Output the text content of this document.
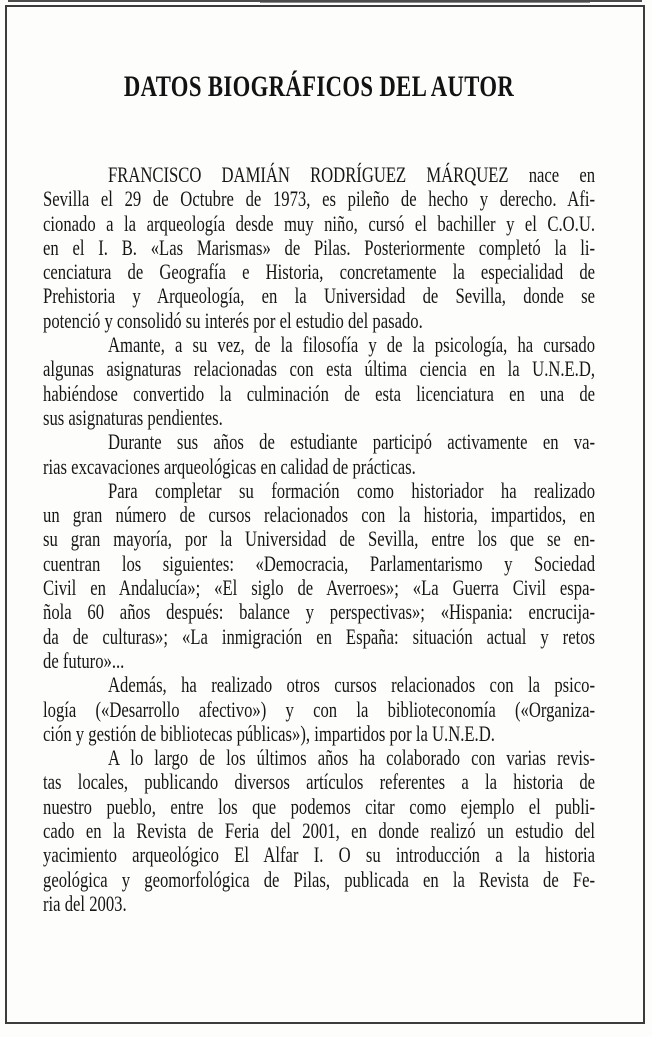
DATOS BIOGRÁFICOS DEL AUTOR
FRANCISCO DAMIÁN RODRÍGUEZ MÁRQUEZ nace en
Sevilla el 29 de Octubre de 1973, es pileño de hecho y derecho. Afi-
cionado a la arqueología desde muy niño, cursó el bachiller y el C.O.U.
en el I. B. «Las Marismas» de Pilas. Posteriormente completó la li-
cenciatura de Geografía e Historia, concretamente la especialidad de
Prehistoria y Arqueología, en la Universidad de Sevilla, donde se
potenció y consolidó su interés por el estudio del pasado.
Amante, a su vez, de la filosofía y de la psicología, ha cursado
algunas asignaturas relacionadas con esta última ciencia en la U.N.E.D,
habiéndose convertido la culminación de esta licenciatura en una de
sus asignaturas pendientes.
Durante sus años de estudiante participó activamente en va-
rias excavaciones arqueológicas en calidad de prácticas.
Para completar su formación como historiador ha realizado
un gran número de cursos relacionados con la historia, impartidos, en
su gran mayoría, por la Universidad de Sevilla, entre los que se en-
cuentran los siguientes: «Democracia, Parlamentarismo y Sociedad
Civil en Andalucía»; «El siglo de Averroes»; «La Guerra Civil espa-
ñola 60 años después: balance y perspectivas»; «Hispania: encrucija-
da de culturas»; «La inmigración en España: situación actual y retos
de futuro»...
Además, ha realizado otros cursos relacionados con la psico-
logía («Desarrollo afectivo») y con la biblioteconomía («Organiza-
ción y gestión de bibliotecas públicas»), impartidos por la U.N.E.D.
A lo largo de los últimos años ha colaborado con varias revis-
tas locales, publicando diversos artículos referentes a la historia de
nuestro pueblo, entre los que podemos citar como ejemplo el publi-
cado en la Revista de Feria del 2001, en donde realizó un estudio del
yacimiento arqueológico El Alfar I. O su introducción a la historia
geológica y geomorfológica de Pilas, publicada en la Revista de Fe-
ria del 2003.
